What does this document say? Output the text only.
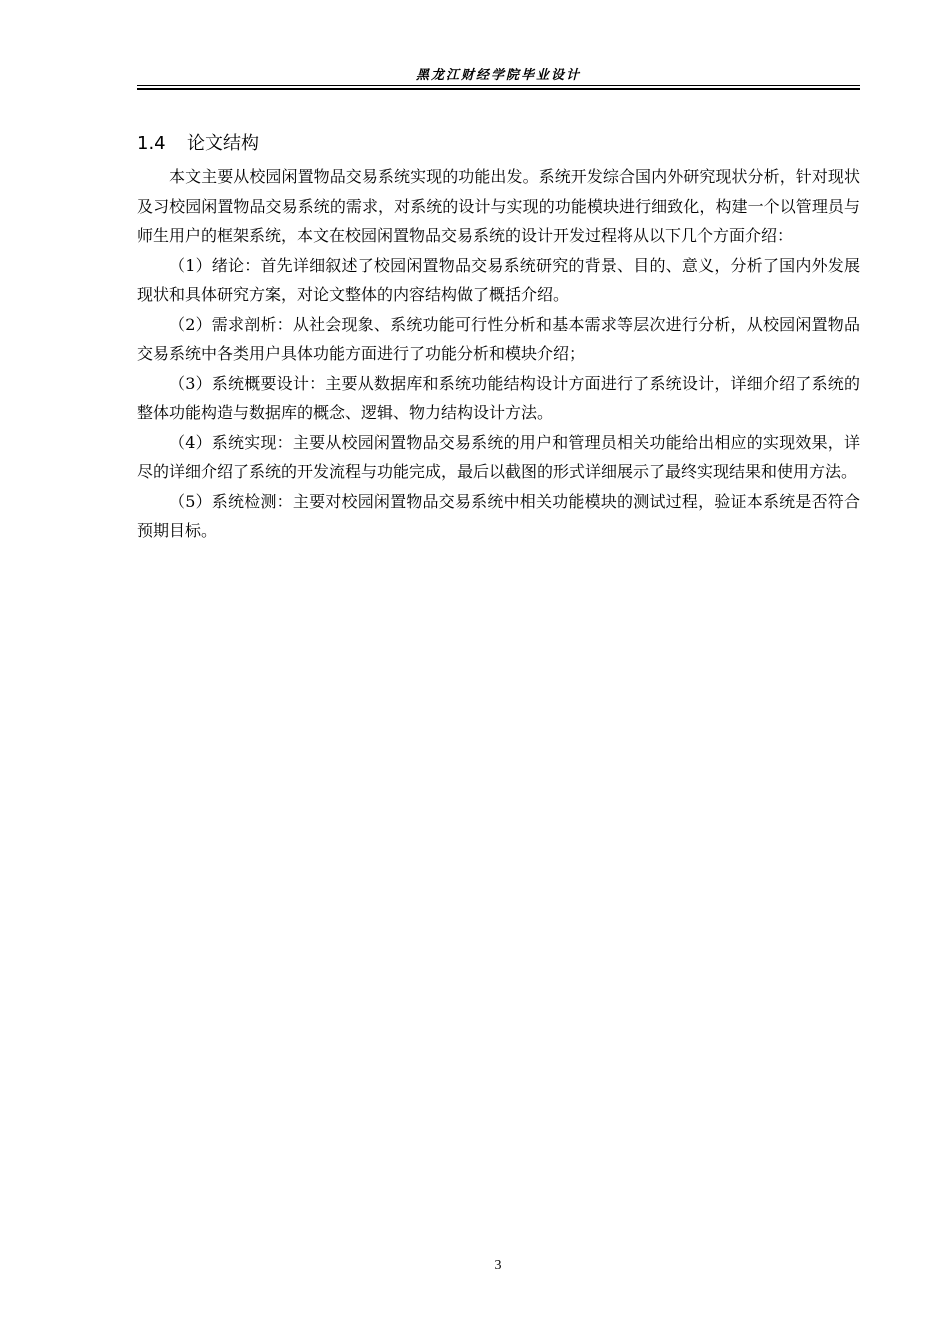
黑龙江财经学院毕业设计
1.4 论文结构

本文主要从校园闲置物品交易系统实现的功能出发。系统开发综合国内外研究现状分析，针对现状及习校园闲置物品交易系统的需求，对系统的设计与实现的功能模块进行细致化，构建一个以管理员与师生用户的框架系统，本文在校园闲置物品交易系统的设计开发过程将从以下几个方面介绍：

（1）绪论：首先详细叙述了校园闲置物品交易系统研究的背景、目的、意义，分析了国内外发展现状和具体研究方案，对论文整体的内容结构做了概括介绍。

（2）需求剖析：从社会现象、系统功能可行性分析和基本需求等层次进行分析，从校园闲置物品交易系统中各类用户具体功能方面进行了功能分析和模块介绍；

（3）系统概要设计：主要从数据库和系统功能结构设计方面进行了系统设计，详细介绍了系统的整体功能构造与数据库的概念、逻辑、物力结构设计方法。

（4）系统实现：主要从校园闲置物品交易系统的用户和管理员相关功能给出相应的实现效果，详尽的详细介绍了系统的开发流程与功能完成，最后以截图的形式详细展示了最终实现结果和使用方法。

（5）系统检测：主要对校园闲置物品交易系统中相关功能模块的测试过程，验证本系统是否符合预期目标。

3
